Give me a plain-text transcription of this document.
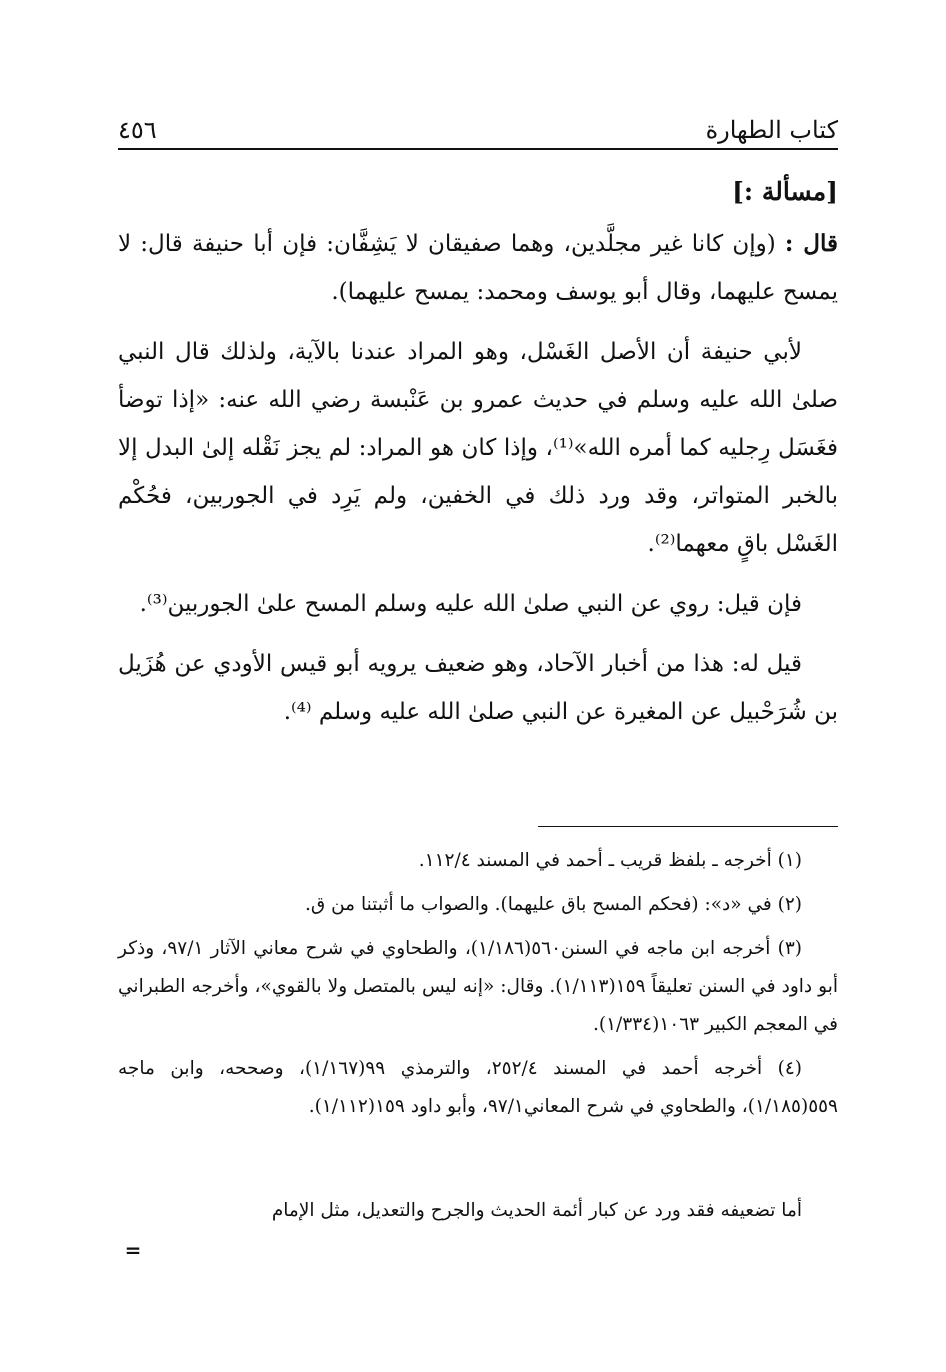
كتاب الطهارة
٤٥٦

[مسألة :]

قال : (وإن كانا غير مجلَّدين، وهما صفيقان لا يَشِفَّان: فإن أبا حنيفة قال: لا يمسح عليهما، وقال أبو يوسف ومحمد: يمسح عليهما).

لأبي حنيفة أن الأصل الغَسْل، وهو المراد عندنا بالآية، ولذلك قال النبي صلىٰ الله عليه وسلم في حديث عمرو بن عَنْبسة رضي الله عنه: «إذا توضأ فغَسَل رِجليه كما أمره الله»⁽¹⁾، وإذا كان هو المراد: لم يجز نَقْله إلىٰ البدل إلا بالخبر المتواتر، وقد ورد ذلك في الخفين، ولم يَرِد في الجوربين، فحُكْم الغَسْل باقٍ معهما⁽²⁾.

فإن قيل: روي عن النبي صلىٰ الله عليه وسلم المسح علىٰ الجوربين⁽³⁾.

قيل له: هذا من أخبار الآحاد، وهو ضعيف يرويه أبو قيس الأودي عن هُزَيل بن شُرَحْبيل عن المغيرة عن النبي صلىٰ الله عليه وسلم ⁽⁴⁾.

(١) أخرجه ـ بلفظ قريب ـ أحمد في المسند ١١٢/٤.

(٢) في «د»: (فحكم المسح باق عليهما). والصواب ما أثبتنا من ق.

(٣) أخرجه ابن ماجه في السنن٥٦٠(١/١٨٦)، والطحاوي في شرح معاني الآثار ٩٧/١، وذكر أبو داود في السنن تعليقاً ١٥٩(١/١١٣). وقال: «إنه ليس بالمتصل ولا بالقوي»، وأخرجه الطبراني في المعجم الكبير ١٠٦٣(١/٣٣٤).

(٤) أخرجه أحمد في المسند ٢٥٢/٤، والترمذي ٩٩(١/١٦٧)، وصححه، وابن ماجه ٥٥٩(١/١٨٥)، والطحاوي في شرح المعاني٩٧/١، وأبو داود ١٥٩(١/١١٢).

أما تضعيفه فقد ورد عن كبار أئمة الحديث والجرح والتعديل، مثل الإمام
=
